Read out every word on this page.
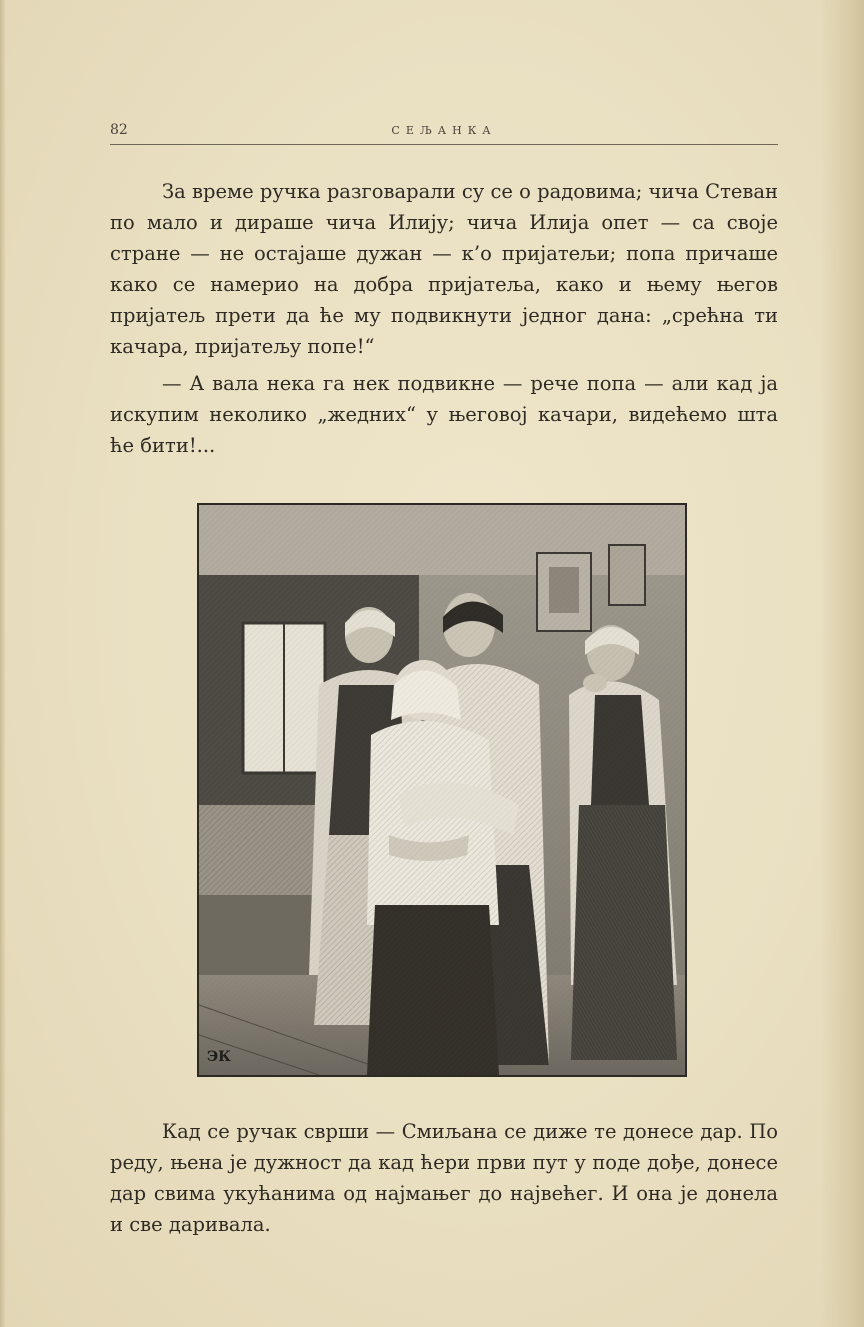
82	СЕЉАНКА

За време ручка разговарали су се о радовима; чича Стеван по мало и дираше чича Илију; чича Илија опет — са своје стране — не остајаше дужан — к’о пријатељи; попа причаше како се намерио на добра пријатеља, како и њему његов пријатељ прети да ће му подвикнути једног дана: „срећна ти качара, пријатељу попе!“

— А вала нека га нек подвикне — рече попа — али кад ја искупим неколико „жедних“ у његовој качари, видећемо шта ће бити!...

ЭК

Кад се ручак сврши — Смиљана се диже те донесе дар. По реду, њена је дужност да кад ћери први пут у поде дође, донесе дар свима укућанима од најмањег до највећег. И она је донела и све даривала.
